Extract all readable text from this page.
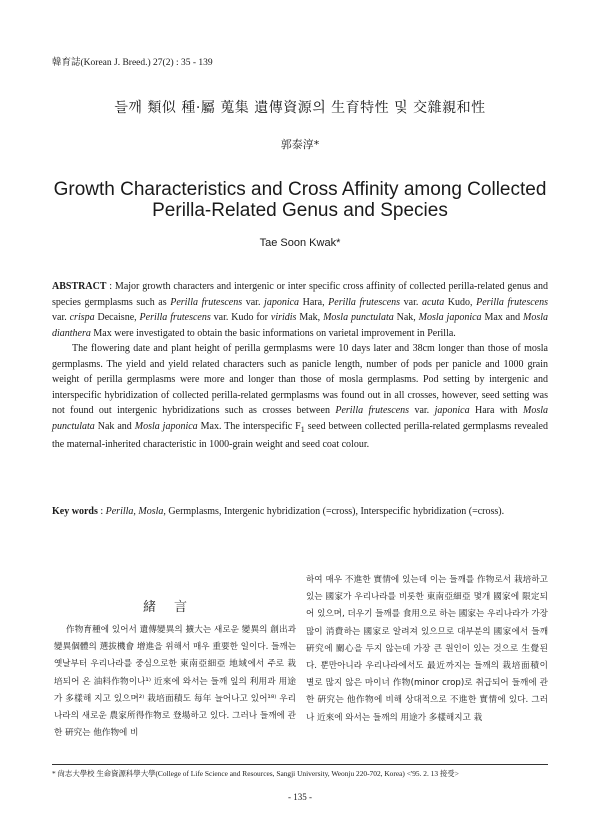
韓育誌(Korean J. Breed.) 27(2) : 35 - 139
들깨 類似 種·屬 蒐集 遺傳資源의 生育特性 및 交雜親和性
郭泰淳*
Growth Characteristics and Cross Affinity among Collected
Perilla-Related Genus and Species
Tae Soon Kwak*

ABSTRACT : Major growth characters and intergenic or inter specific cross affinity of collected perilla-related genus and species germplasms such as Perilla frutescens var. japonica Hara, Perilla frutescens var. acuta Kudo, Perilla frutescens var. crispa Decaisne, Perilla frutescens var. Kudo for viridis Mak, Mosla punctulata Nak, Mosla japonica Max and Mosla dianthera Max were investigated to obtain the basic informations on varietal improvement in Perilla.

The flowering date and plant height of perilla germplasms were 10 days later and 38cm longer than those of mosla germplasms. The yield and yield related characters such as panicle length, number of pods per panicle and 1000 grain weight of perilla germplasms were more and longer than those of mosla germplasms. Pod setting by intergenic and interspecific hybridization of collected perilla-related germplasms was found out in all crosses, however, seed setting was not found out intergenic hybridizations such as crosses between Perilla frutescens var. japonica Hara with Mosla punctulata Nak and Mosla japonica Max. The interspecific $F_1$ seed between collected perilla-related germplasms revealed the maternal-inherited characteristic in 1000-grain weight and seed coat colour.

Key words : Perilla, Mosla, Germplasms, Intergenic hybridization (=cross), Interspecific hybridization (=cross).
緒言

作物育種에 있어서 遺傳變異의 擴大는 새로운 變異의 創出과 變異個體의 選拔機會 增進을 위해서 매우 重要한 일이다. 들깨는 옛날부터 우리나라를 중심으로한 東南亞細亞 地域에서 주로 栽培되어 온 油料作物이나¹⁾ 近來에 와서는 들깨 잎의 利用과 用途가 多樣해 지고 있으며²⁾ 栽培面積도 每年 늘어나고 있어¹⁸⁾ 우리나라의 새로운 農家所得作物로 登場하고 있다. 그러나 들깨에 관한 硏究는 他作物에 비

하여 매우 不進한 實情에 있는데 이는 들깨를 作物로서 栽培하고 있는 國家가 우리나라를 비롯한 東南亞細亞 몇개 國家에 限定되어 있으며, 더우기 들깨를 食用으로 하는 國家는 우리나라가 가장 많이 消費하는 國家로 알려져 있으므로 대부분의 國家에서 들깨 硏究에 關心을 두지 않는데 가장 큰 원인이 있는 것으로 生覺된다. 뿐만아니라 우리나라에서도 最近까지는 들깨의 栽培面積이 별로 많지 않은 마이너 作物(minor crop)로 취급되어 들깨에 관한 硏究는 他作物에 비해 상대적으로 不進한 實情에 있다. 그러나 近來에 와서는 들깨의 用途가 多樣해지고 栽

* 尙志大學校 生命資源科學大學(College of Life Science and Resources, Sangji University, Weonju 220-702, Korea) <'95. 2. 13 接受>
- 135 -
